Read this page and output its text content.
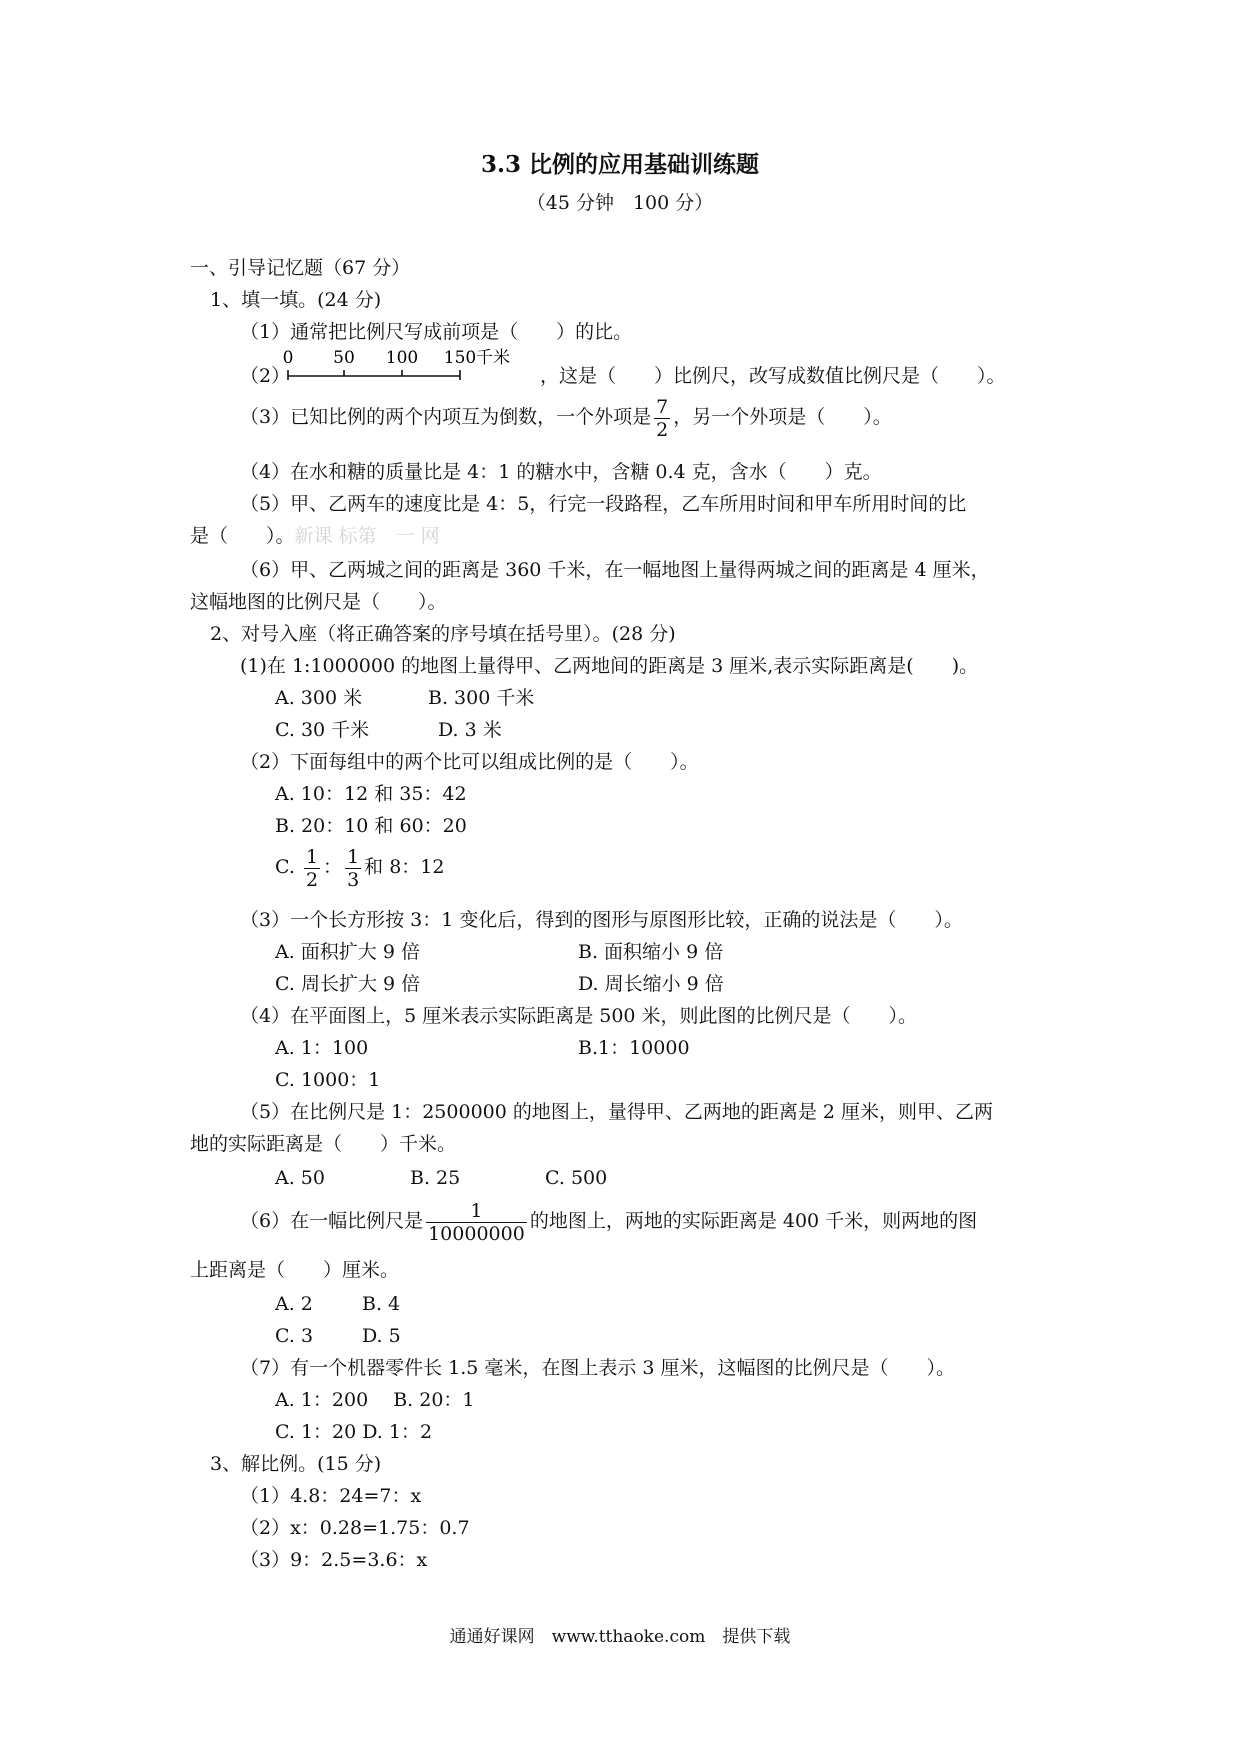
3.3 比例的应用基础训练题
（45 分钟　100 分）
一、引导记忆题（67 分）
1、填一填。(24 分)
（1）通常把比例尺写成前项是（　　）的比。
（2）
0 50 100 150 千米
，这是（　　）比例尺，改写成数值比例尺是（　　）。
（3）已知比例的两个内项互为倒数，一个外项是 $\frac{7}{2}$ ，另一个外项是（　　）。
（4）在水和糖的质量比是 4：1 的糖水中，含糖 0.4 克，含水（　　）克。
（5）甲、乙两车的速度比是 4：5，行完一段路程，乙车所用时间和甲车所用时间的比
是（　　）。新课 标第　一 网
（6）甲、乙两城之间的距离是 360 千米，在一幅地图上量得两城之间的距离是 4 厘米，
这幅地图的比例尺是（　　）。
2、对号入座（将正确答案的序号填在括号里）。(28 分)
(1)在 1:1000000 的地图上量得甲、乙两地间的距离是 3 厘米,表示实际距离是(　　)。
A. 300 米	B. 300 千米
C. 30 千米	D. 3 米
（2）下面每组中的两个比可以组成比例的是（　　）。
A. 10：12 和 35：42
B. 20：10 和 60：20
C. $\frac{1}{2}$ ： $\frac{1}{3}$ 和 8：12
（3）一个长方形按 3：1 变化后，得到的图形与原图形比较，正确的说法是（　　）。
A. 面积扩大 9 倍	B. 面积缩小 9 倍
C. 周长扩大 9 倍	D. 周长缩小 9 倍
（4）在平面图上，5 厘米表示实际距离是 500 米，则此图的比例尺是（　　）。
A. 1：100	B.1：10000
C. 1000：1
（5）在比例尺是 1：2500000 的地图上，量得甲、乙两地的距离是 2 厘米，则甲、乙两
地的实际距离是（　　）千米。
A. 50	B. 25	C. 500
（6）在一幅比例尺是 $\frac{1}{10000000}$ 的地图上，两地的实际距离是 400 千米，则两地的图
上距离是（　　）厘米。
A. 2	B. 4
C. 3	D. 5
（7）有一个机器零件长 1.5 毫米，在图上表示 3 厘米，这幅图的比例尺是（　　）。
A. 1：200　 B. 20：1
C. 1：20 D. 1：2
3、解比例。(15 分)
（1）4.8：24=7：x
（2）x：0.28=1.75：0.7
（3）9：2.5=3.6：x
通通好课网　www.tthaoke.com　提供下载
